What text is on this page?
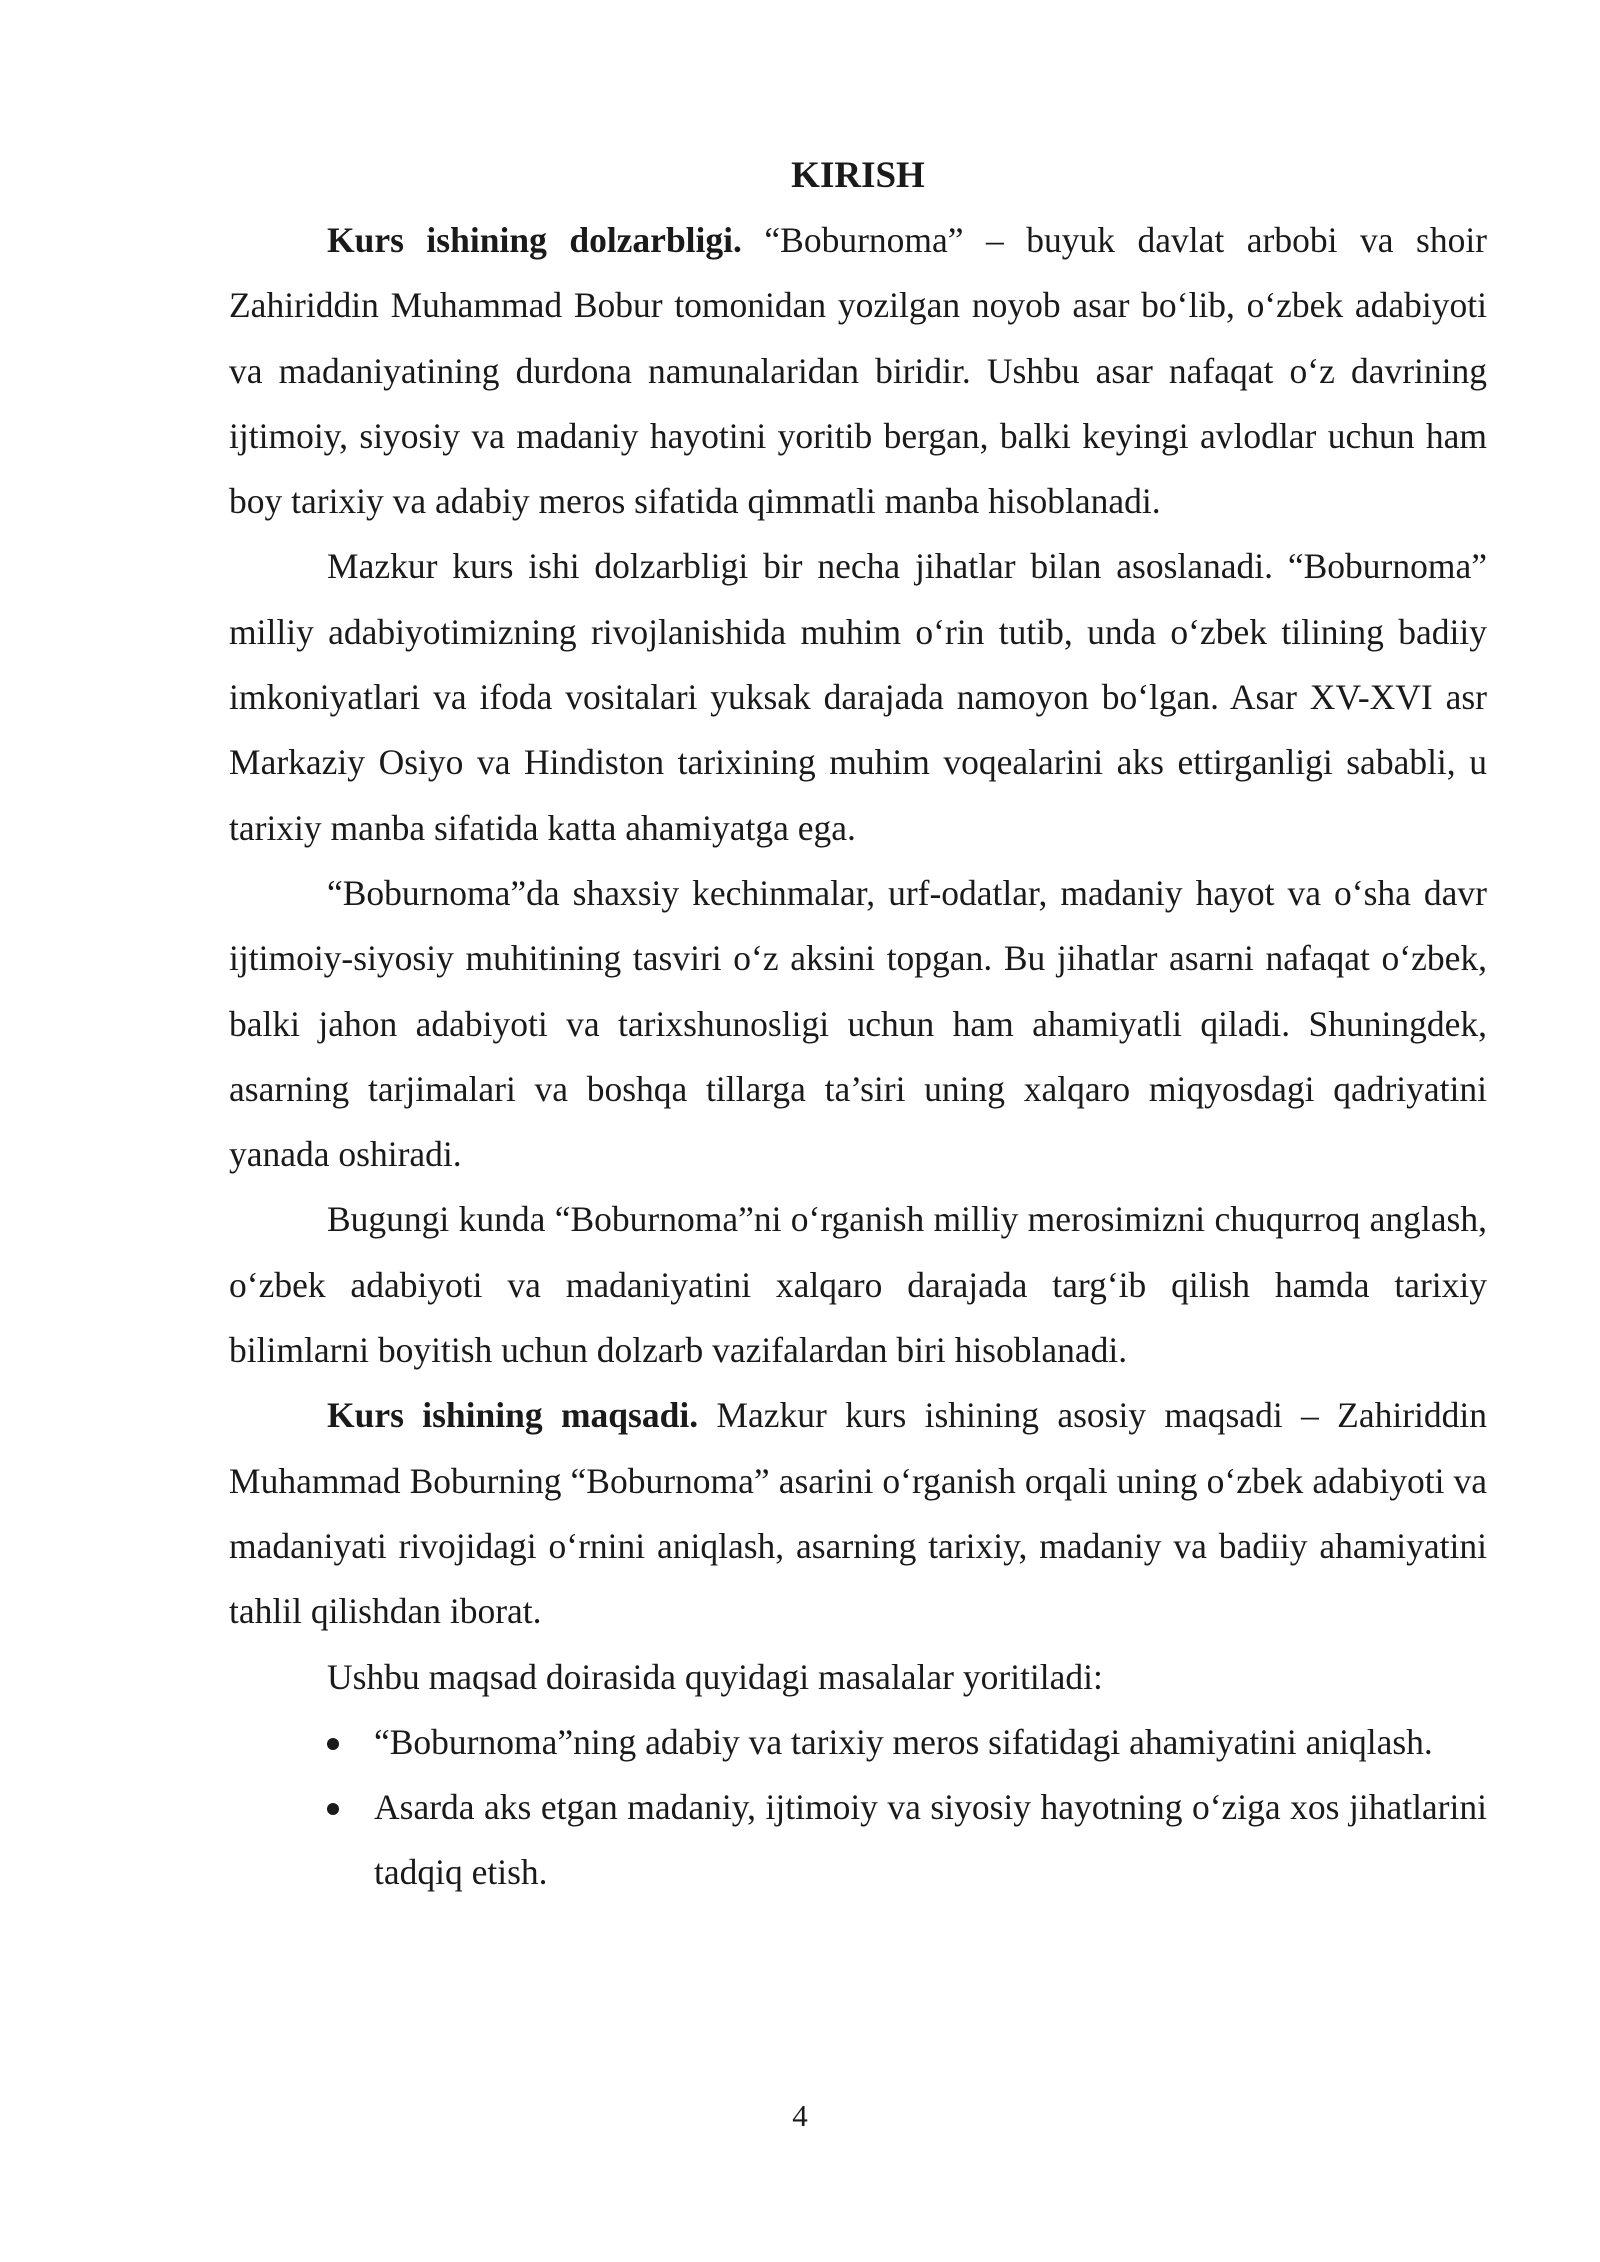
KIRISH

Kurs ishining dolzarbligi. “Boburnoma” – buyuk davlat arbobi va shoir Zahiriddin Muhammad Bobur tomonidan yozilgan noyob asar bo‘lib, o‘zbek adabiyoti va madaniyatining durdona namunalaridan biridir. Ushbu asar nafaqat o‘z davrining ijtimoiy, siyosiy va madaniy hayotini yoritib bergan, balki keyingi avlodlar uchun ham boy tarixiy va adabiy meros sifatida qimmatli manba hisoblanadi.

Mazkur kurs ishi dolzarbligi bir necha jihatlar bilan asoslanadi. “Boburnoma” milliy adabiyotimizning rivojlanishida muhim o‘rin tutib, unda o‘zbek tilining badiiy imkoniyatlari va ifoda vositalari yuksak darajada namoyon bo‘lgan. Asar XV-XVI asr Markaziy Osiyo va Hindiston tarixining muhim voqealarini aks ettirganligi sababli, u tarixiy manba sifatida katta ahamiyatga ega.

“Boburnoma”da shaxsiy kechinmalar, urf-odatlar, madaniy hayot va o‘sha davr ijtimoiy-siyosiy muhitining tasviri o‘z aksini topgan. Bu jihatlar asarni nafaqat o‘zbek, balki jahon adabiyoti va tarixshunosligi uchun ham ahamiyatli qiladi. Shuningdek, asarning tarjimalari va boshqa tillarga ta’siri uning xalqaro miqyosdagi qadriyatini yanada oshiradi.

Bugungi kunda “Boburnoma”ni o‘rganish milliy merosimizni chuqurroq anglash, o‘zbek adabiyoti va madaniyatini xalqaro darajada targ‘ib qilish hamda tarixiy bilimlarni boyitish uchun dolzarb vazifalardan biri hisoblanadi.

Kurs ishining maqsadi. Mazkur kurs ishining asosiy maqsadi – Zahiriddin Muhammad Boburning “Boburnoma” asarini o‘rganish orqali uning o‘zbek adabiyoti va madaniyati rivojidagi o‘rnini aniqlash, asarning tarixiy, madaniy va badiiy ahamiyatini tahlil qilishdan iborat.

Ushbu maqsad doirasida quyidagi masalalar yoritiladi:

“Boburnoma”ning adabiy va tarixiy meros sifatidagi ahamiyatini aniqlash.
Asarda aks etgan madaniy, ijtimoiy va siyosiy hayotning o‘ziga xos jihatlarini tadqiq etish.
4
